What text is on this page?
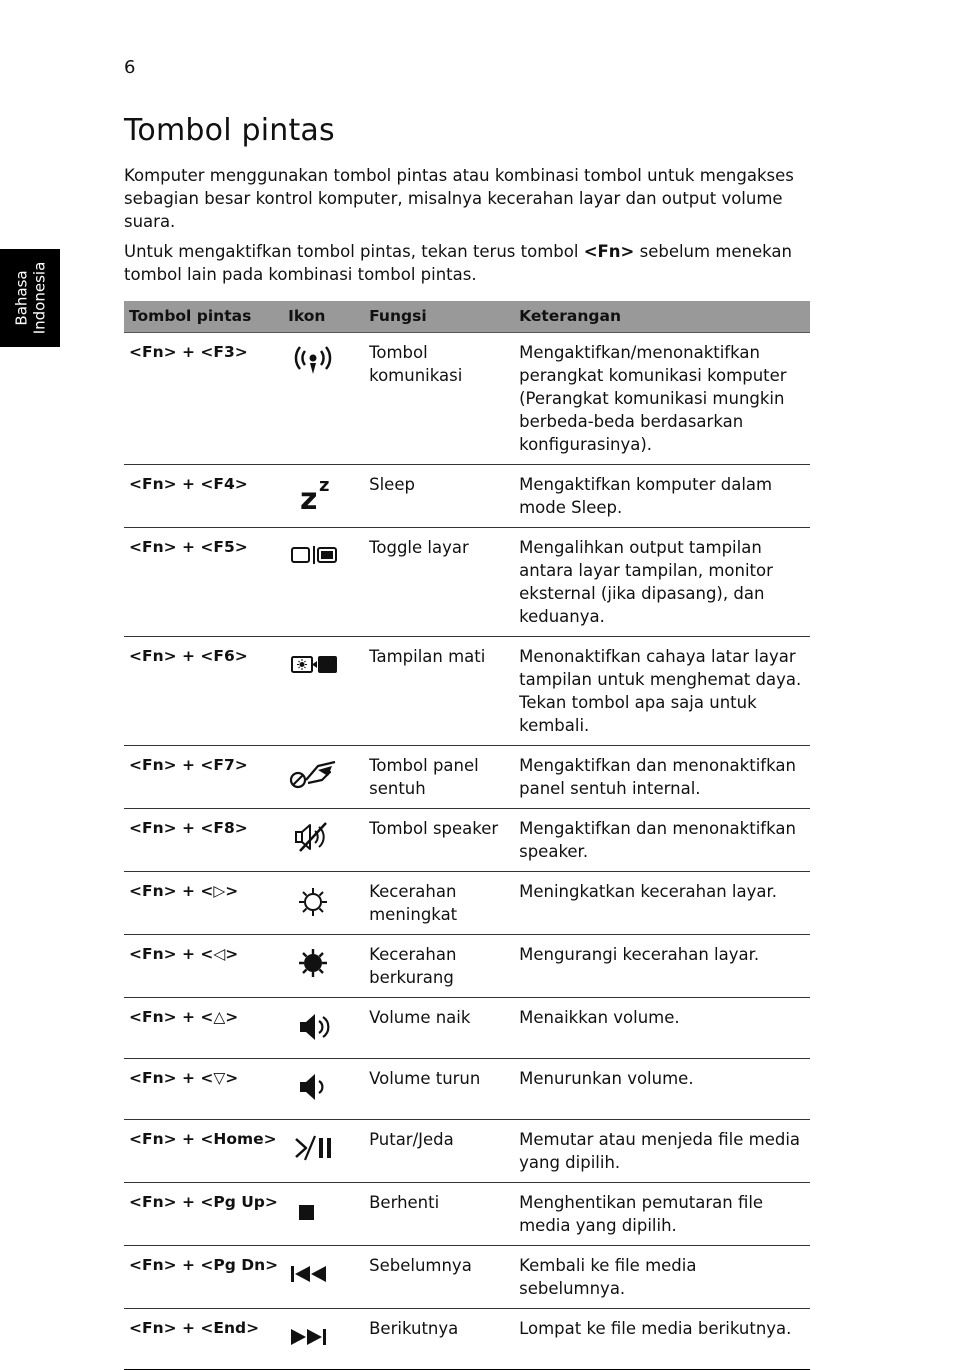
6
Bahasa Indonesia
Tombol pintas

Komputer menggunakan tombol pintas atau kombinasi tombol untuk mengakses sebagian besar kontrol komputer, misalnya kecerahan layar dan output volume suara.

Untuk mengaktifkan tombol pintas, tekan terus tombol <Fn> sebelum menekan tombol lain pada kombinasi tombol pintas.

Tombol pintas	Ikon	Fungsi	Keterangan
<Fn> + <F3>		Tombol komunikasi	Mengaktifkan/menonaktifkan perangkat komunikasi komputer (Perangkat komunikasi mungkin berbeda-beda berdasarkan konfigurasinya).
<Fn> + <F4>	z z	Sleep	Mengaktifkan komputer dalam mode Sleep.
<Fn> + <F5>		Toggle layar	Mengalihkan output tampilan antara layar tampilan, monitor eksternal (jika dipasang), dan keduanya.
<Fn> + <F6>		Tampilan mati	Menonaktifkan cahaya latar layar tampilan untuk menghemat daya. Tekan tombol apa saja untuk kembali.
<Fn> + <F7>		Tombol panel sentuh	Mengaktifkan dan menonaktifkan panel sentuh internal.
<Fn> + <F8>		Tombol speaker	Mengaktifkan dan menonaktifkan speaker.
<Fn> + <▷>		Kecerahan meningkat	Meningkatkan kecerahan layar.
<Fn> + <◁>		Kecerahan berkurang	Mengurangi kecerahan layar.
<Fn> + <△>		Volume naik	Menaikkan volume.
<Fn> + <▽>		Volume turun	Menurunkan volume.
<Fn> + <Home>		Putar/Jeda	Memutar atau menjeda file media yang dipilih.
<Fn> + <Pg Up>		Berhenti	Menghentikan pemutaran file media yang dipilih.
<Fn> + <Pg Dn>		Sebelumnya	Kembali ke file media sebelumnya.
<Fn> + <End>		Berikutnya	Lompat ke file media berikutnya.
